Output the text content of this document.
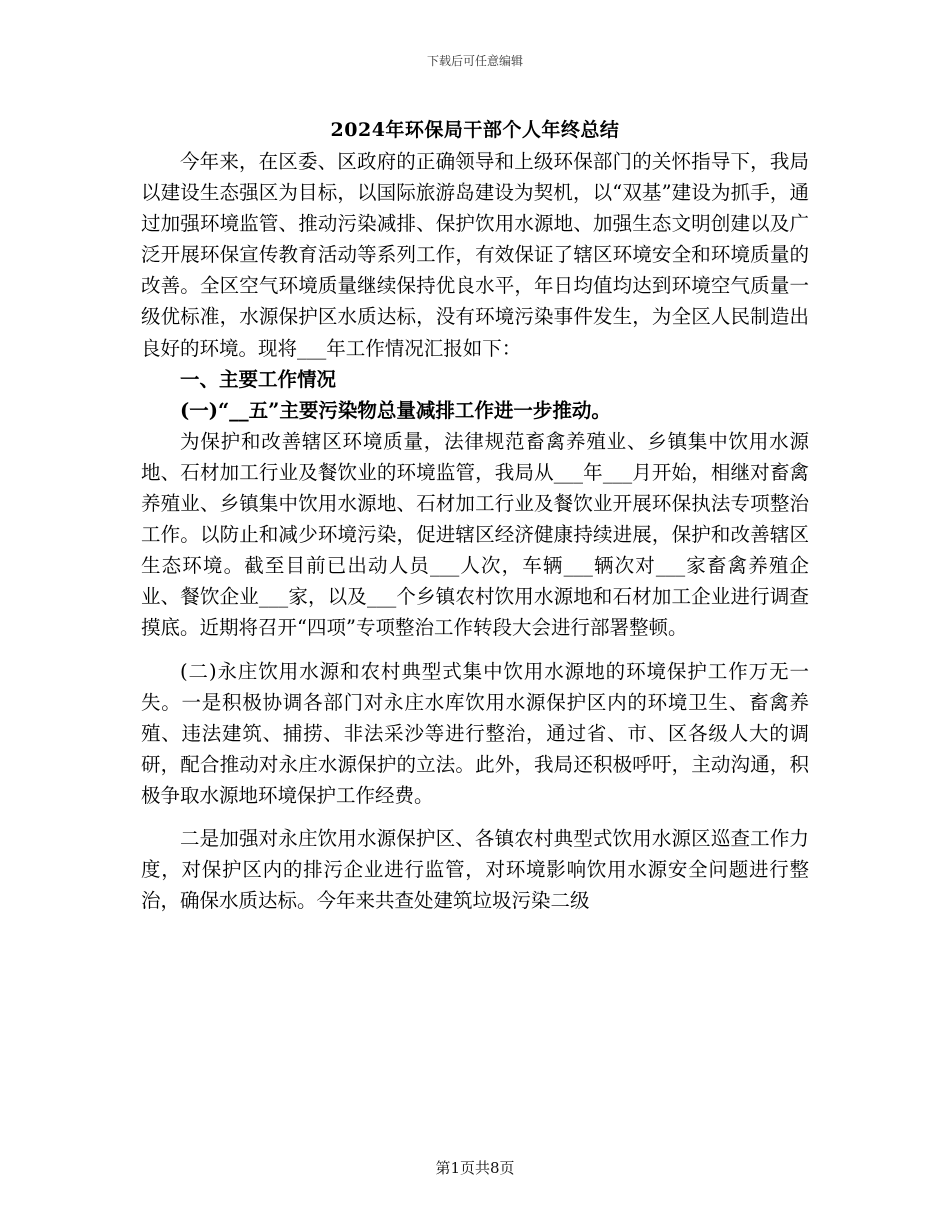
下载后可任意编辑
2024年环保局干部个人年终总结

今年来，在区委、区政府的正确领导和上级环保部门的关怀指导下，我局以建设生态强区为目标，以国际旅游岛建设为契机，以“双基”建设为抓手，通过加强环境监管、推动污染减排、保护饮用水源地、加强生态文明创建以及广泛开展环保宣传教育活动等系列工作，有效保证了辖区环境安全和环境质量的改善。全区空气环境质量继续保持优良水平，年日均值均达到环境空气质量一级优标准，水源保护区水质达标，没有环境污染事件发生，为全区人民制造出良好的环境。现将___年工作情况汇报如下：

一、主要工作情况

(一)“__五”主要污染物总量减排工作进一步推动。

为保护和改善辖区环境质量，法律规范畜禽养殖业、乡镇集中饮用水源地、石材加工行业及餐饮业的环境监管，我局从___年___月开始，相继对畜禽养殖业、乡镇集中饮用水源地、石材加工行业及餐饮业开展环保执法专项整治工作。以防止和减少环境污染，促进辖区经济健康持续进展，保护和改善辖区生态环境。截至目前已出动人员___人次，车辆___辆次对___家畜禽养殖企业、餐饮企业___家，以及___个乡镇农村饮用水源地和石材加工企业进行调查摸底。近期将召开“四项”专项整治工作转段大会进行部署整顿。

(二)永庄饮用水源和农村典型式集中饮用水源地的环境保护工作万无一失。一是积极协调各部门对永庄水库饮用水源保护区内的环境卫生、畜禽养殖、违法建筑、捕捞、非法采沙等进行整治，通过省、市、区各级人大的调研，配合推动对永庄水源保护的立法。此外，我局还积极呼吁，主动沟通，积极争取水源地环境保护工作经费。

二是加强对永庄饮用水源保护区、各镇农村典型式饮用水源区巡查工作力度，对保护区内的排污企业进行监管，对环境影响饮用水源安全问题进行整治，确保水质达标。今年来共查处建筑垃圾污染二级

第1页共8页
